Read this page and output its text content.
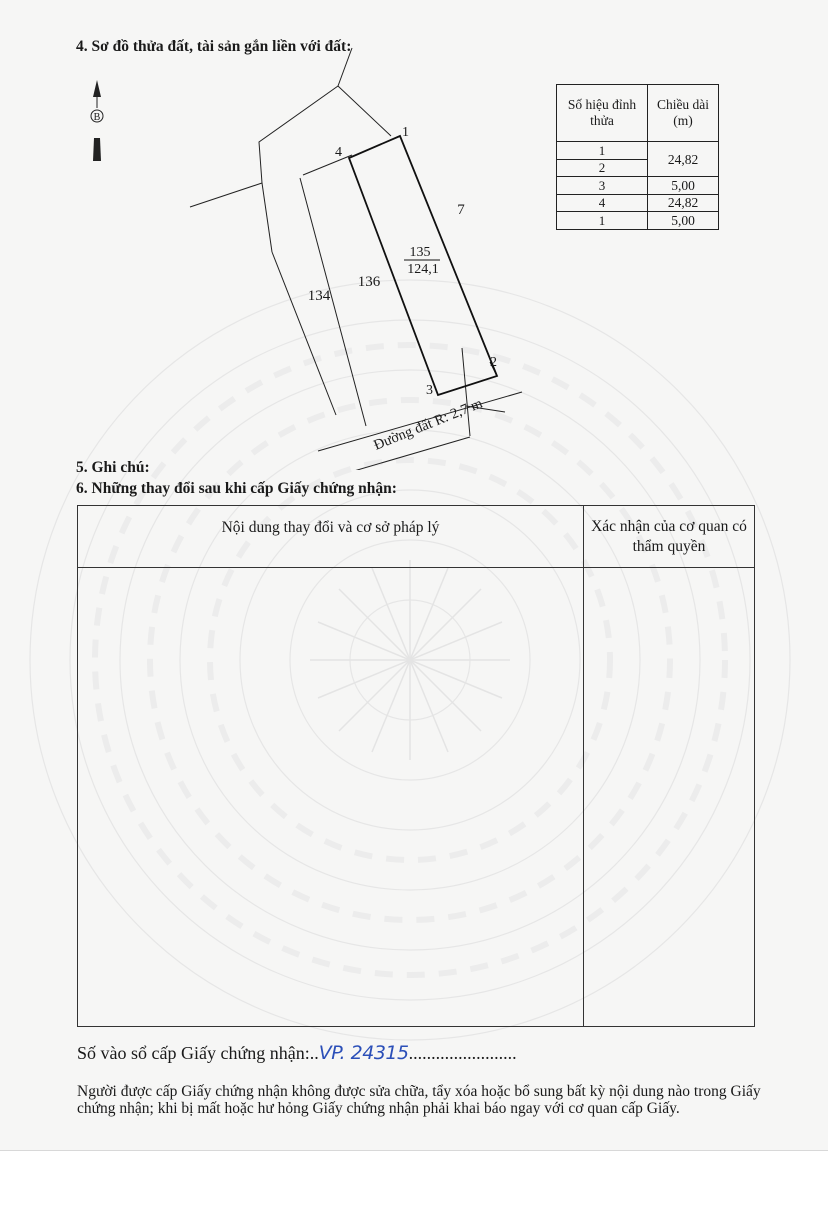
4. Sơ đồ thửa đất, tài sản gắn liền với đất:
B
1
2
3
4
135
124,1
136
134
7
Đường đất R: 2,7 m
Số hiệu đỉnh thửa	Chiều dài (m)
1	24,82
2	
3	5,00
4	24,82
1	5,00
5. Ghi chú:
6. Những thay đổi sau khi cấp Giấy chứng nhận:
Nội dung thay đổi và cơ sở pháp lý	Xác nhận của cơ quan có thẩm quyền

Số vào sổ cấp Giấy chứng nhận:..VP. 24315........................
Người được cấp Giấy chứng nhận không được sửa chữa, tẩy xóa hoặc bổ sung bất kỳ nội dung nào trong Giấy chứng nhận; khi bị mất hoặc hư hỏng Giấy chứng nhận phải khai báo ngay với cơ quan cấp Giấy.
